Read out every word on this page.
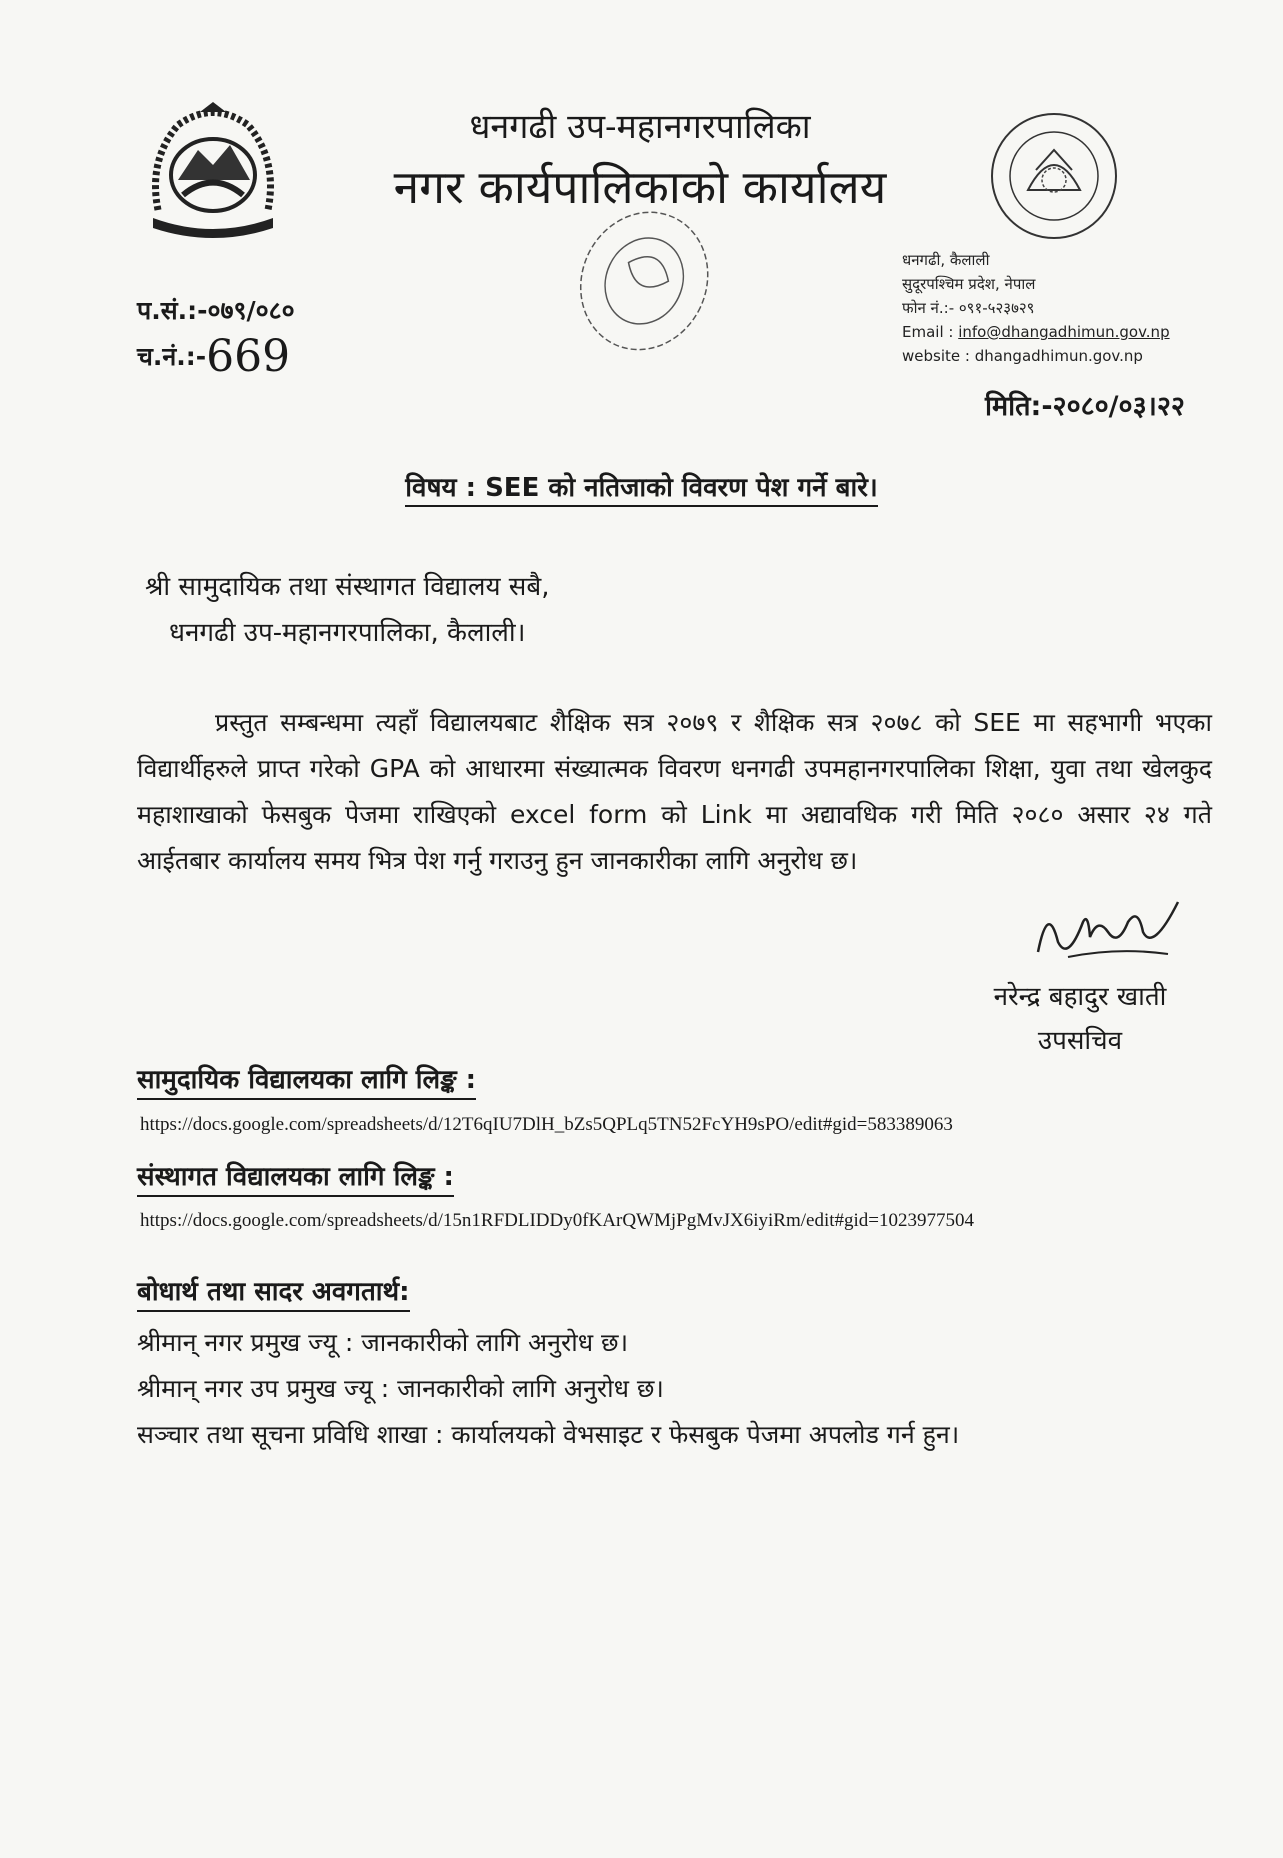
धनगढी उप-महानगरपालिका
नगर कार्यपालिकाको कार्यालय
धनगढी, कैलाली
सुदूरपश्चिम प्रदेश, नेपाल
फोन नं.:- ०९१-५२३७२९
Email : info@dhangadhimun.gov.np
website : dhangadhimun.gov.np
प.सं.:-०७९/०८०
च.नं.:-669
मिति:-२०८०/०३।२२
विषय : SEE को नतिजाको विवरण पेश गर्ने बारे।
श्री सामुदायिक तथा संस्थागत विद्यालय सबै,
धनगढी उप-महानगरपालिका, कैलाली।
प्रस्तुत सम्बन्धमा त्यहाँ विद्यालयबाट शैक्षिक सत्र २०७९ र शैक्षिक सत्र २०७८ को SEE मा सहभागी भएका विद्यार्थीहरुले प्राप्त गरेको GPA को आधारमा संख्यात्मक विवरण धनगढी उपमहानगरपालिका शिक्षा, युवा तथा खेलकुद महाशाखाको फेसबुक पेजमा राखिएको excel form को Link मा अद्यावधिक गरी मिति २०८० असार २४ गते आईतबार कार्यालय समय भित्र पेश गर्नु गराउनु हुन जानकारीका लागि अनुरोध छ।
नरेन्द्र बहादुर खाती
उपसचिव
सामुदायिक विद्यालयका लागि लिङ्क :
https://docs.google.com/spreadsheets/d/12T6qIU7DlH_bZs5QPLq5TN52FcYH9sPO/edit#gid=583389063
संस्थागत विद्यालयका लागि लिङ्क :
https://docs.google.com/spreadsheets/d/15n1RFDLIDDy0fKArQWMjPgMvJX6iyiRm/edit#gid=1023977504
बोधार्थ तथा सादर अवगतार्थ:
श्रीमान् नगर प्रमुख ज्यू : जानकारीको लागि अनुरोध छ।
श्रीमान् नगर उप प्रमुख ज्यू : जानकारीको लागि अनुरोध छ।
सञ्चार तथा सूचना प्रविधि शाखा : कार्यालयको वेभसाइट र फेसबुक पेजमा अपलोड गर्न हुन।
